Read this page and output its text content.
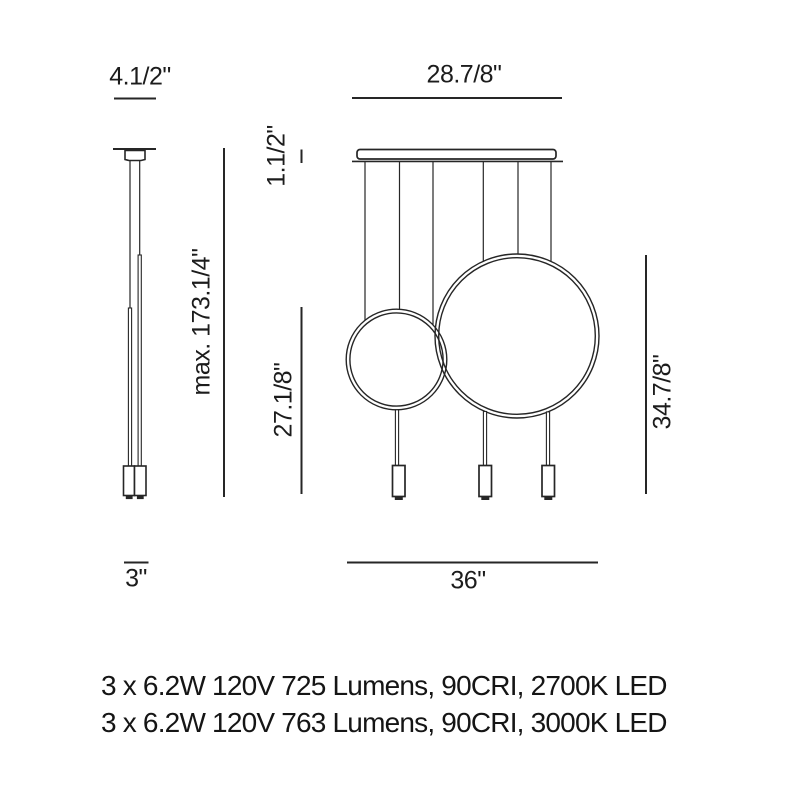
4.1/2"
max. 173.1/4"
3"
28.7/8"
1.1/2"
27.1/8"	34.7/8"
36"
3 x 6.2W 120V 725 Lumens, 90CRI, 2700K LED
3 x 6.2W 120V 763 Lumens, 90CRI, 3000K LED
